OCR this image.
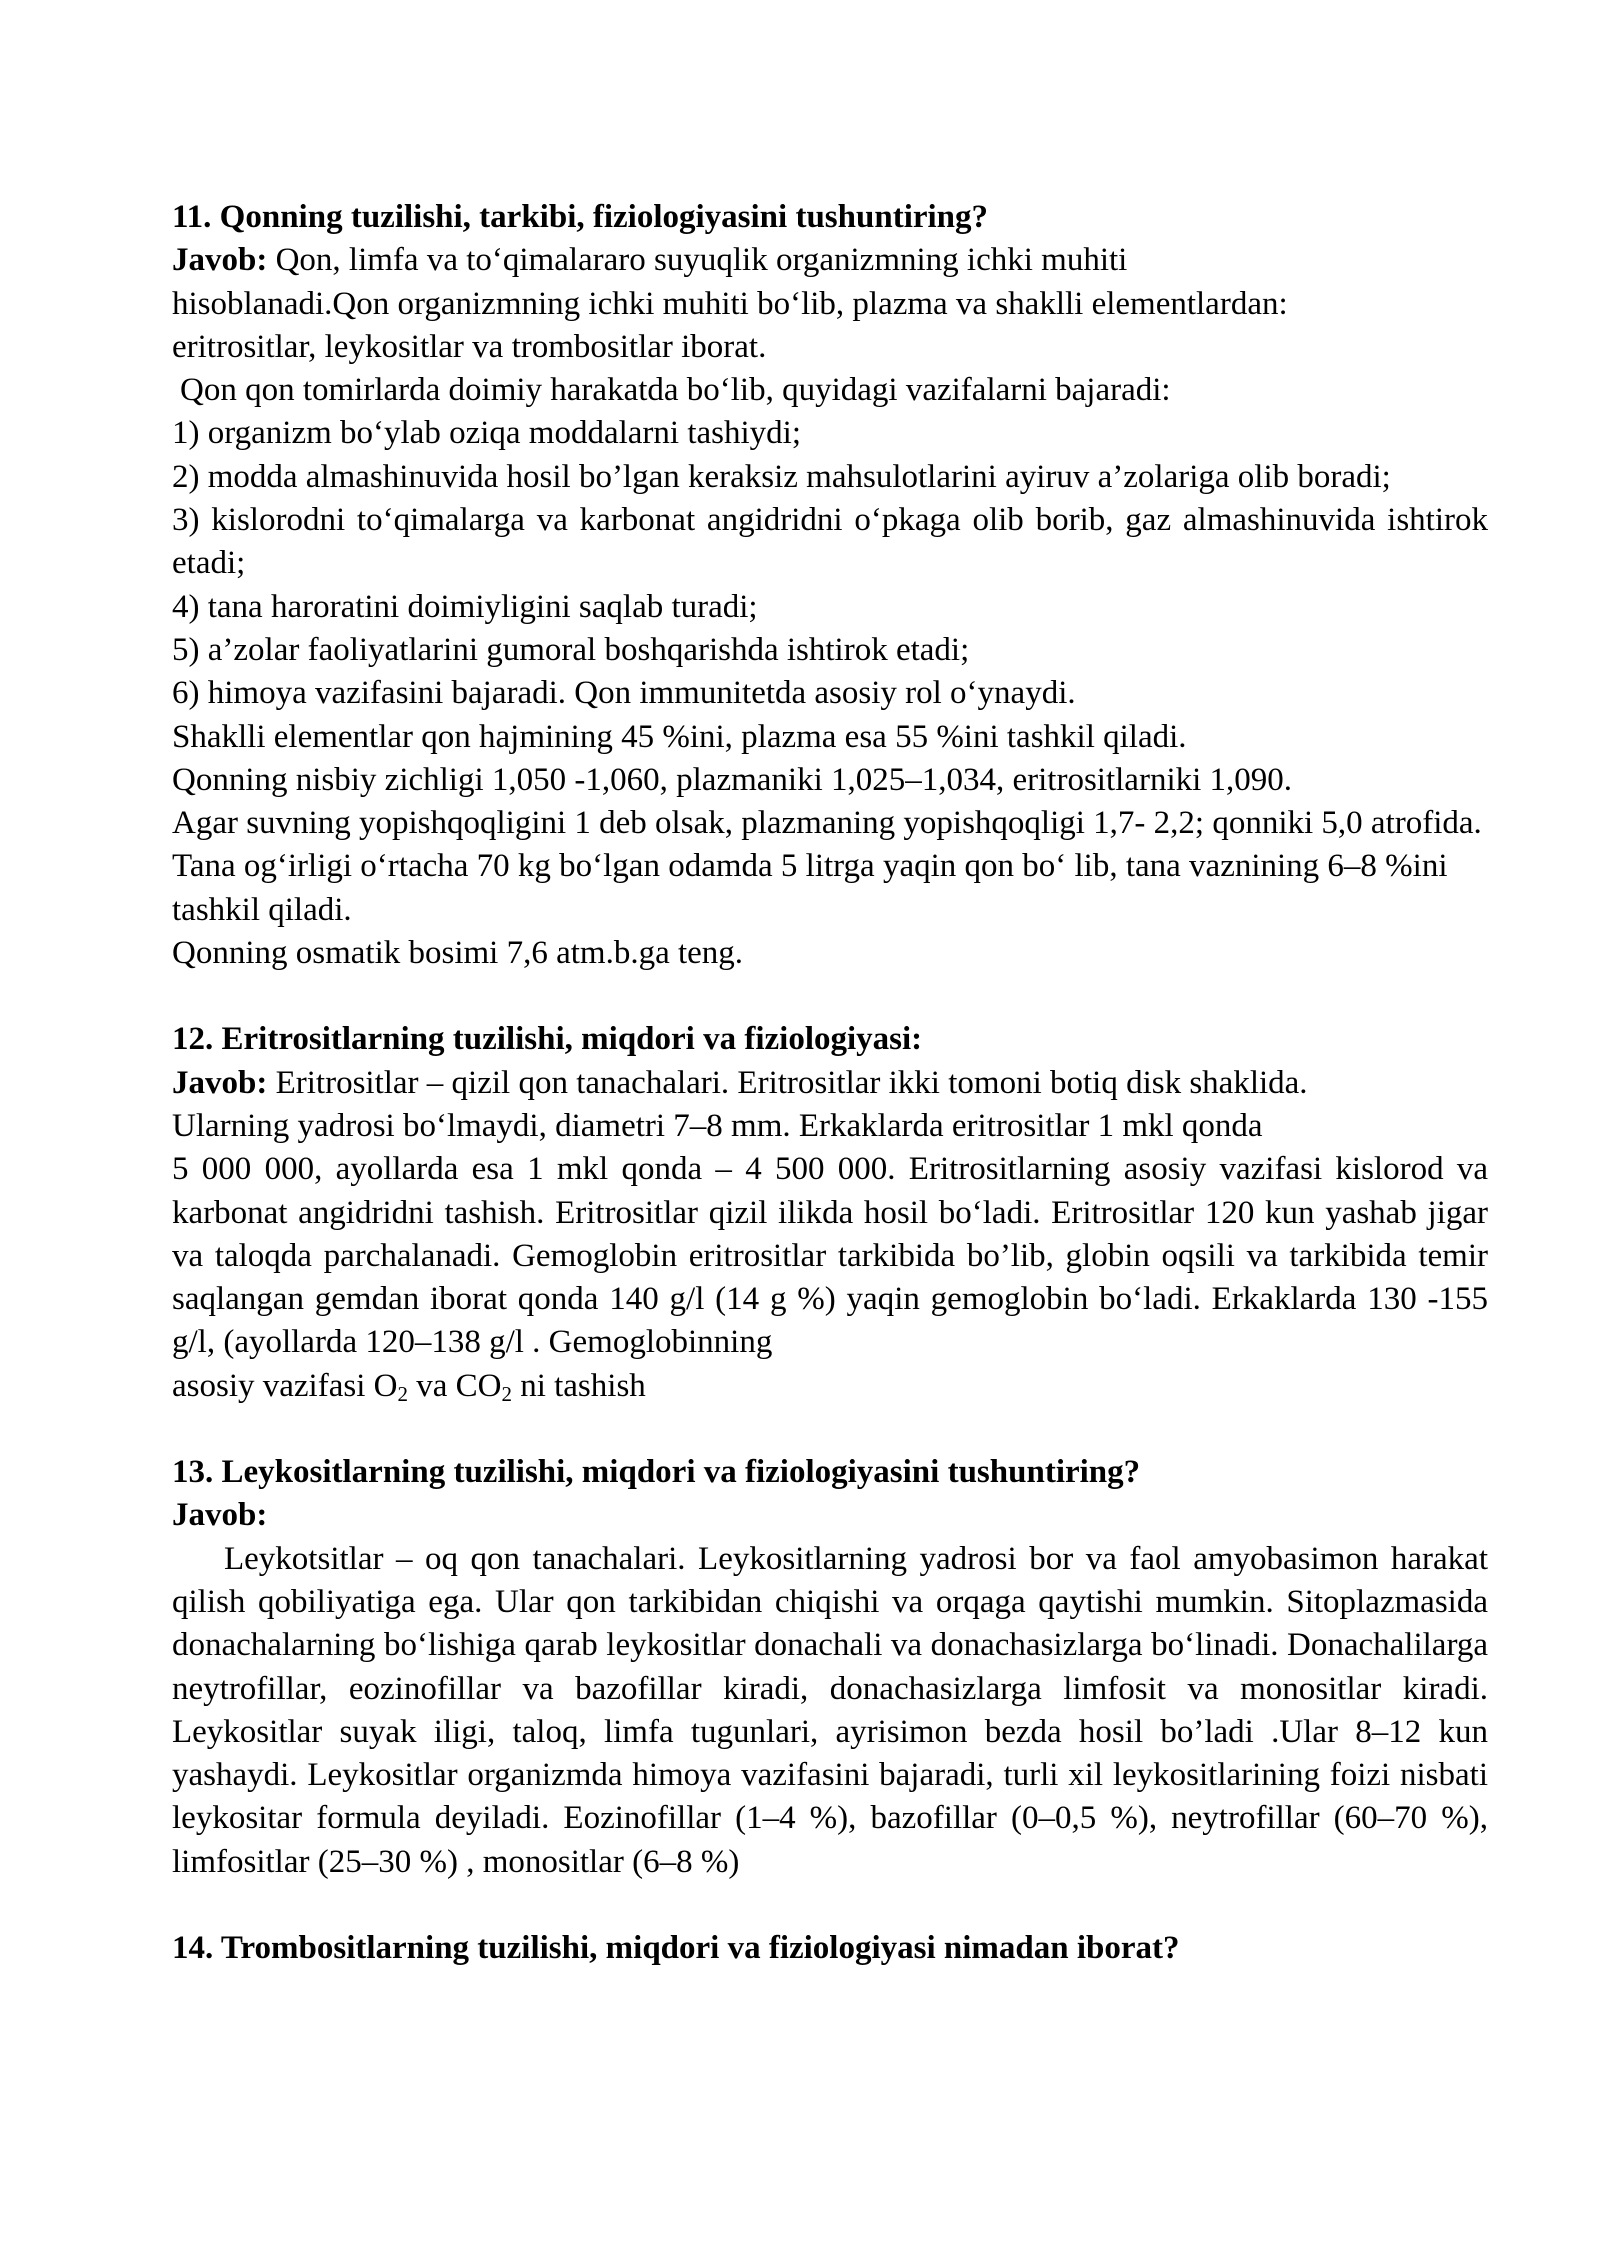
11. Qonning tuzilishi, tarkibi, fiziologiyasini tushuntiring?

Javob: Qon, limfa va to‘qimalararo suyuqlik organizmning ichki muhiti

hisoblanadi.Qon organizmning ichki muhiti bo‘lib, plazma va shaklli elementlardan:

eritrositlar, leykositlar va trombositlar iborat.

Qon qon tomirlarda doimiy harakatda bo‘lib, quyidagi vazifalarni bajaradi:

1) organizm bo‘ylab oziqa moddalarni tashiydi;

2) modda almashinuvida hosil bo’lgan keraksiz mahsulotlarini ayiruv a’zolariga olib boradi;

3) kislorodni to‘qimalarga va karbonat angidridni o‘pkaga olib borib, gaz almashinuvida ishtirok etadi;

4) tana haroratini doimiyligini saqlab turadi;

5) a’zolar faoliyatlarini gumoral boshqarishda ishtirok etadi;

6) himoya vazifasini bajaradi. Qon immunitetda asosiy rol o‘ynaydi.

Shaklli elementlar qon hajmining 45 %ini, plazma esa 55 %ini tashkil qiladi.

Qonning nisbiy zichligi 1,050 -1,060, plazmaniki 1,025–1,034, eritrositlarniki 1,090.

Agar suvning yopishqoqligini 1 deb olsak, plazmaning yopishqoqligi 1,7- 2,2; qonniki 5,0 atrofida.

Tana og‘irligi o‘rtacha 70 kg bo‘lgan odamda 5 litrga yaqin qon bo‘ lib, tana vaznining 6–8 %ini tashkil qiladi.

Qonning osmatik bosimi 7,6 atm.b.ga teng.

12. Eritrositlarning tuzilishi, miqdori va fiziologiyasi:

Javob: Eritrositlar – qizil qon tanachalari. Eritrositlar ikki tomoni botiq disk shaklida.

Ularning yadrosi bo‘lmaydi, diametri 7–8 mm. Erkaklarda eritrositlar 1 mkl qonda

5 000 000, ayollarda esa 1 mkl qonda – 4 500 000. Eritrositlarning asosiy vazifasi kislorod va karbonat angidridni tashish. Eritrositlar qizil ilikda hosil bo‘ladi. Eritrositlar 120 kun yashab jigar va taloqda parchalanadi. Gemoglobin eritrositlar tarkibida bo’lib, globin oqsili va tarkibida temir saqlangan gemdan iborat qonda 140 g/l (14 g %) yaqin gemoglobin bo‘ladi. Erkaklarda 130 -155 g/l, (ayollarda 120–138 g/l . Gemoglobinning

asosiy vazifasi $O_2$ va $CO_2$ ni tashish

13. Leykositlarning tuzilishi, miqdori va fiziologiyasini tushuntiring?

Javob:

Leykotsitlar – oq qon tanachalari. Leykositlarning yadrosi bor va faol amyobasimon harakat qilish qobiliyatiga ega. Ular qon tarkibidan chiqishi va orqaga qaytishi mumkin. Sitoplazmasida donachalarning bo‘lishiga qarab leykositlar donachali va donachasizlarga bo‘linadi. Donachalilarga neytrofillar, eozinofillar va bazofillar kiradi, donachasizlarga limfosit va monositlar kiradi. Leykositlar suyak iligi, taloq, limfa tugunlari, ayrisimon bezda hosil bo’ladi .Ular 8–12 kun yashaydi. Leykositlar organizmda himoya vazifasini bajaradi, turli xil leykositlarining foizi nisbati leykositar formula deyiladi. Eozinofillar (1–4 %), bazofillar (0–0,5 %), neytrofillar (60–70 %), limfositlar (25–30 %) , monositlar (6–8 %)

14. Trombositlarning tuzilishi, miqdori va fiziologiyasi nimadan iborat?
